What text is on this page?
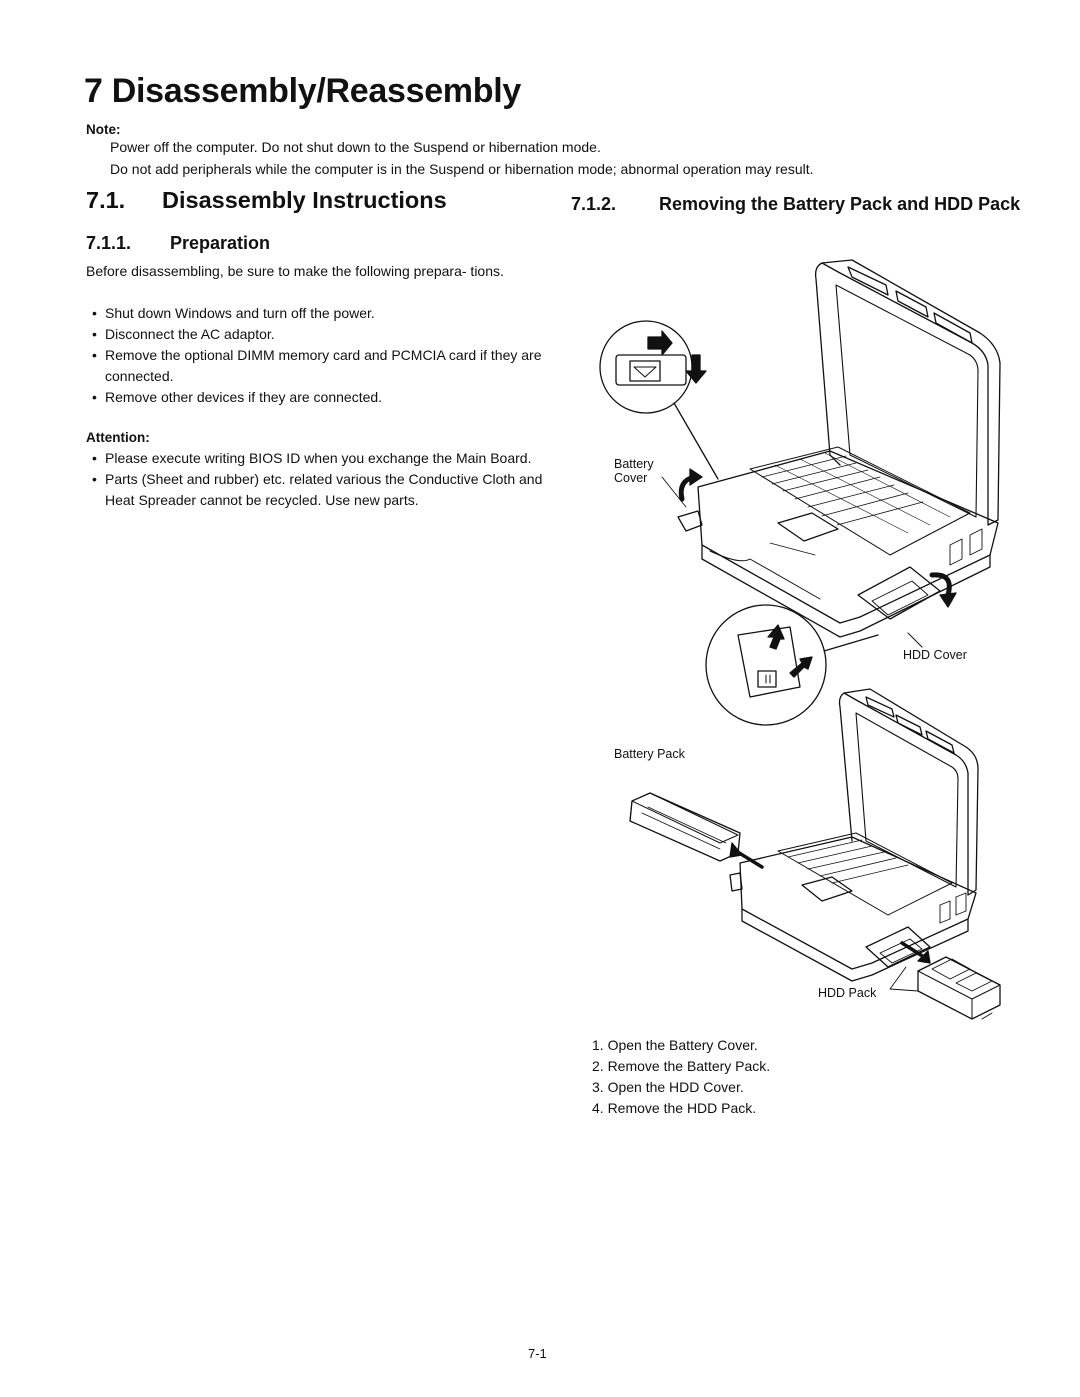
7 Disassembly/Reassembly
Note:
Power off the computer. Do not shut down to the Suspend or hibernation mode.
Do not add peripherals while the computer is in the Suspend or hibernation mode; abnormal operation may result.
7.1. Disassembly Instructions
7.1.1. Preparation
Before disassembling, be sure to make the following prepara- tions.
• Shut down Windows and turn off the power.
• Disconnect the AC adaptor.
• Remove the optional DIMM memory card and PCMCIA card if they are connected.
• Remove other devices if they are connected.
Attention:
• Please execute writing BIOS ID when you exchange the Main Board.
• Parts (Sheet and rubber) etc. related various the Conductive Cloth and Heat Spreader cannot be recycled. Use new parts.
7.1.2. Removing the Battery Pack and HDD Pack
Battery
Cover
HDD Cover
Battery Pack
HDD Pack
1. Open the Battery Cover.
2. Remove the Battery Pack.
3. Open the HDD Cover.
4. Remove the HDD Pack.
7-1
